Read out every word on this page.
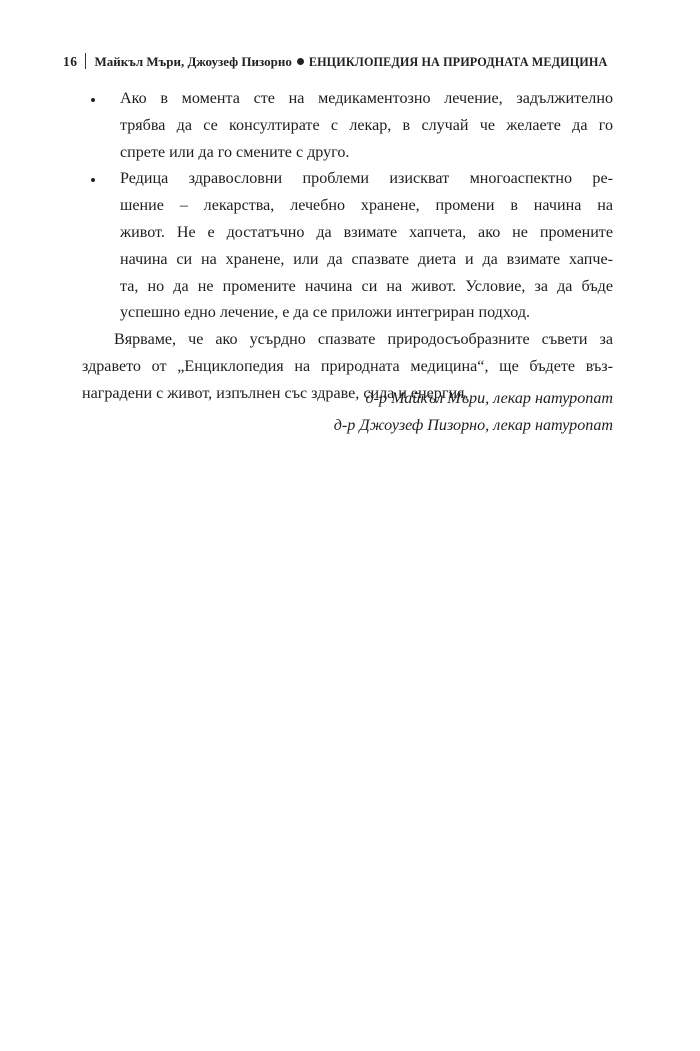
16 Майкъл Мъри, Джоузеф Пизорно ЕНЦИКЛОПЕДИЯ НА ПРИРОДНАТА МЕДИЦИНА
Ако в момента сте на медикаментозно лечение, задължително
трябва да се консултирате с лекар, в случай че желаете да го
спрете или да го смените с друго.
Редица здравословни проблеми изискват многоаспектно ре-
шение – лекарства, лечебно хранене, промени в начина на
живот. Не е достатъчно да взимате хапчета, ако не промените
начина си на хранене, или да спазвате диета и да взимате хапче-
та, но да не промените начина си на живот. Условие, за да бъде
успешно едно лечение, е да се приложи интегриран подход.
Вярваме, че ако усърдно спазвате природосъобразните съвети за
здравето от „Енциклопедия на природната медицина“, ще бъдете въз-
наградени с живот, изпълнен със здраве, сила и енергия.
д-р Майкъл Мъри, лекар натуропат
д-р Джоузеф Пизорно, лекар натуропат
